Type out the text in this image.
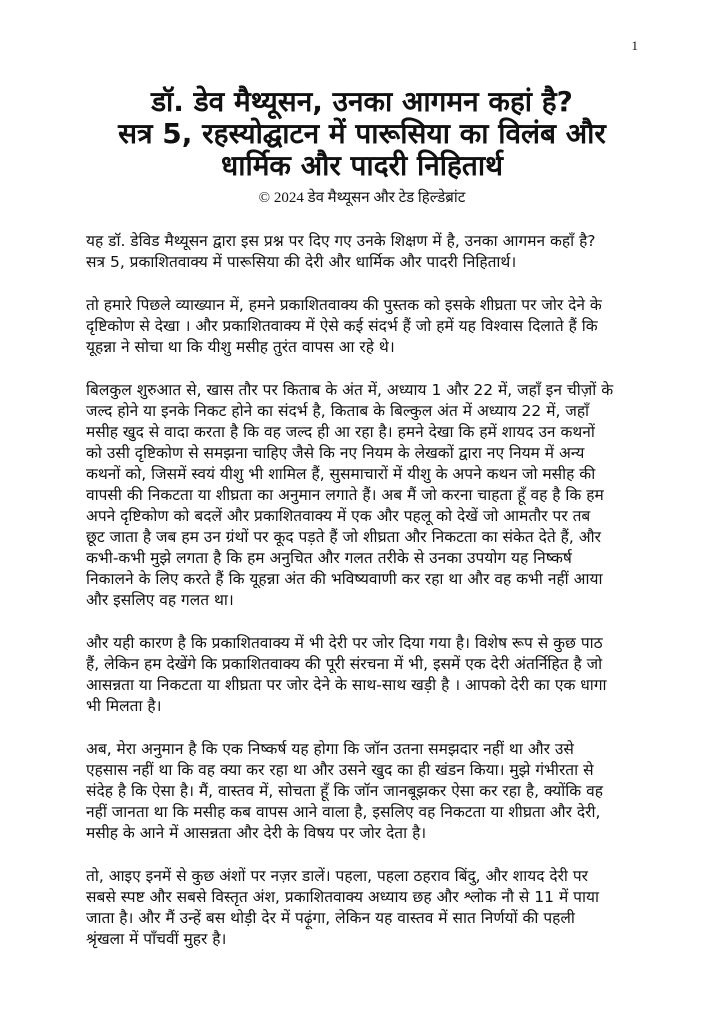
1
डॉ. डेव मैथ्यूसन, उनका आगमन कहां है?
सत्र 5, रहस्योद्घाटन में पारूसिया का विलंब और
धार्मिक और पादरी निहितार्थ
© 2024 डेव मैथ्यूसन और टेड हिल्डेब्रांट
यह डॉ. डेविड मैथ्यूसन द्वारा इस प्रश्न पर दिए गए उनके शिक्षण में है, उनका आगमन कहाँ है?
सत्र 5, प्रकाशितवाक्य में पारूसिया की देरी और धार्मिक और पादरी निहितार्थ।
तो हमारे पिछले व्याख्यान में, हमने प्रकाशितवाक्य की पुस्तक को इसके शीघ्रता पर जोर देने के
दृष्टिकोण से देखा । और प्रकाशितवाक्य में ऐसे कई संदर्भ हैं जो हमें यह विश्वास दिलाते हैं कि
यूहन्ना ने सोचा था कि यीशु मसीह तुरंत वापस आ रहे थे।
बिलकुल शुरुआत से, खास तौर पर किताब के अंत में, अध्याय 1 और 22 में, जहाँ इन चीज़ों के
जल्द होने या इनके निकट होने का संदर्भ है, किताब के बिल्कुल अंत में अध्याय 22 में, जहाँ
मसीह खुद से वादा करता है कि वह जल्द ही आ रहा है। हमने देखा कि हमें शायद उन कथनों
को उसी दृष्टिकोण से समझना चाहिए जैसे कि नए नियम के लेखकों द्वारा नए नियम में अन्य
कथनों को, जिसमें स्वयं यीशु भी शामिल हैं, सुसमाचारों में यीशु के अपने कथन जो मसीह की
वापसी की निकटता या शीघ्रता का अनुमान लगाते हैं। अब मैं जो करना चाहता हूँ वह है कि हम
अपने दृष्टिकोण को बदलें और प्रकाशितवाक्य में एक और पहलू को देखें जो आमतौर पर तब
छूट जाता है जब हम उन ग्रंथों पर कूद पड़ते हैं जो शीघ्रता और निकटता का संकेत देते हैं, और
कभी-कभी मुझे लगता है कि हम अनुचित और गलत तरीके से उनका उपयोग यह निष्कर्ष
निकालने के लिए करते हैं कि यूहन्ना अंत की भविष्यवाणी कर रहा था और वह कभी नहीं आया
और इसलिए वह गलत था।
और यही कारण है कि प्रकाशितवाक्य में भी देरी पर जोर दिया गया है। विशेष रूप से कुछ पाठ
हैं, लेकिन हम देखेंगे कि प्रकाशितवाक्य की पूरी संरचना में भी, इसमें एक देरी अंतर्निहित है जो
आसन्नता या निकटता या शीघ्रता पर जोर देने के साथ-साथ खड़ी है । आपको देरी का एक धागा
भी मिलता है।
अब, मेरा अनुमान है कि एक निष्कर्ष यह होगा कि जॉन उतना समझदार नहीं था और उसे
एहसास नहीं था कि वह क्या कर रहा था और उसने खुद का ही खंडन किया। मुझे गंभीरता से
संदेह है कि ऐसा है। मैं, वास्तव में, सोचता हूँ कि जॉन जानबूझकर ऐसा कर रहा है, क्योंकि वह
नहीं जानता था कि मसीह कब वापस आने वाला है, इसलिए वह निकटता या शीघ्रता और देरी,
मसीह के आने में आसन्नता और देरी के विषय पर जोर देता है।
तो, आइए इनमें से कुछ अंशों पर नज़र डालें। पहला, पहला ठहराव बिंदु, और शायद देरी पर
सबसे स्पष्ट और सबसे विस्तृत अंश, प्रकाशितवाक्य अध्याय छह और श्लोक नौ से 11 में पाया
जाता है। और मैं उन्हें बस थोड़ी देर में पढ़ूंगा, लेकिन यह वास्तव में सात निर्णयों की पहली
श्रृंखला में पाँचवीं मुहर है।
